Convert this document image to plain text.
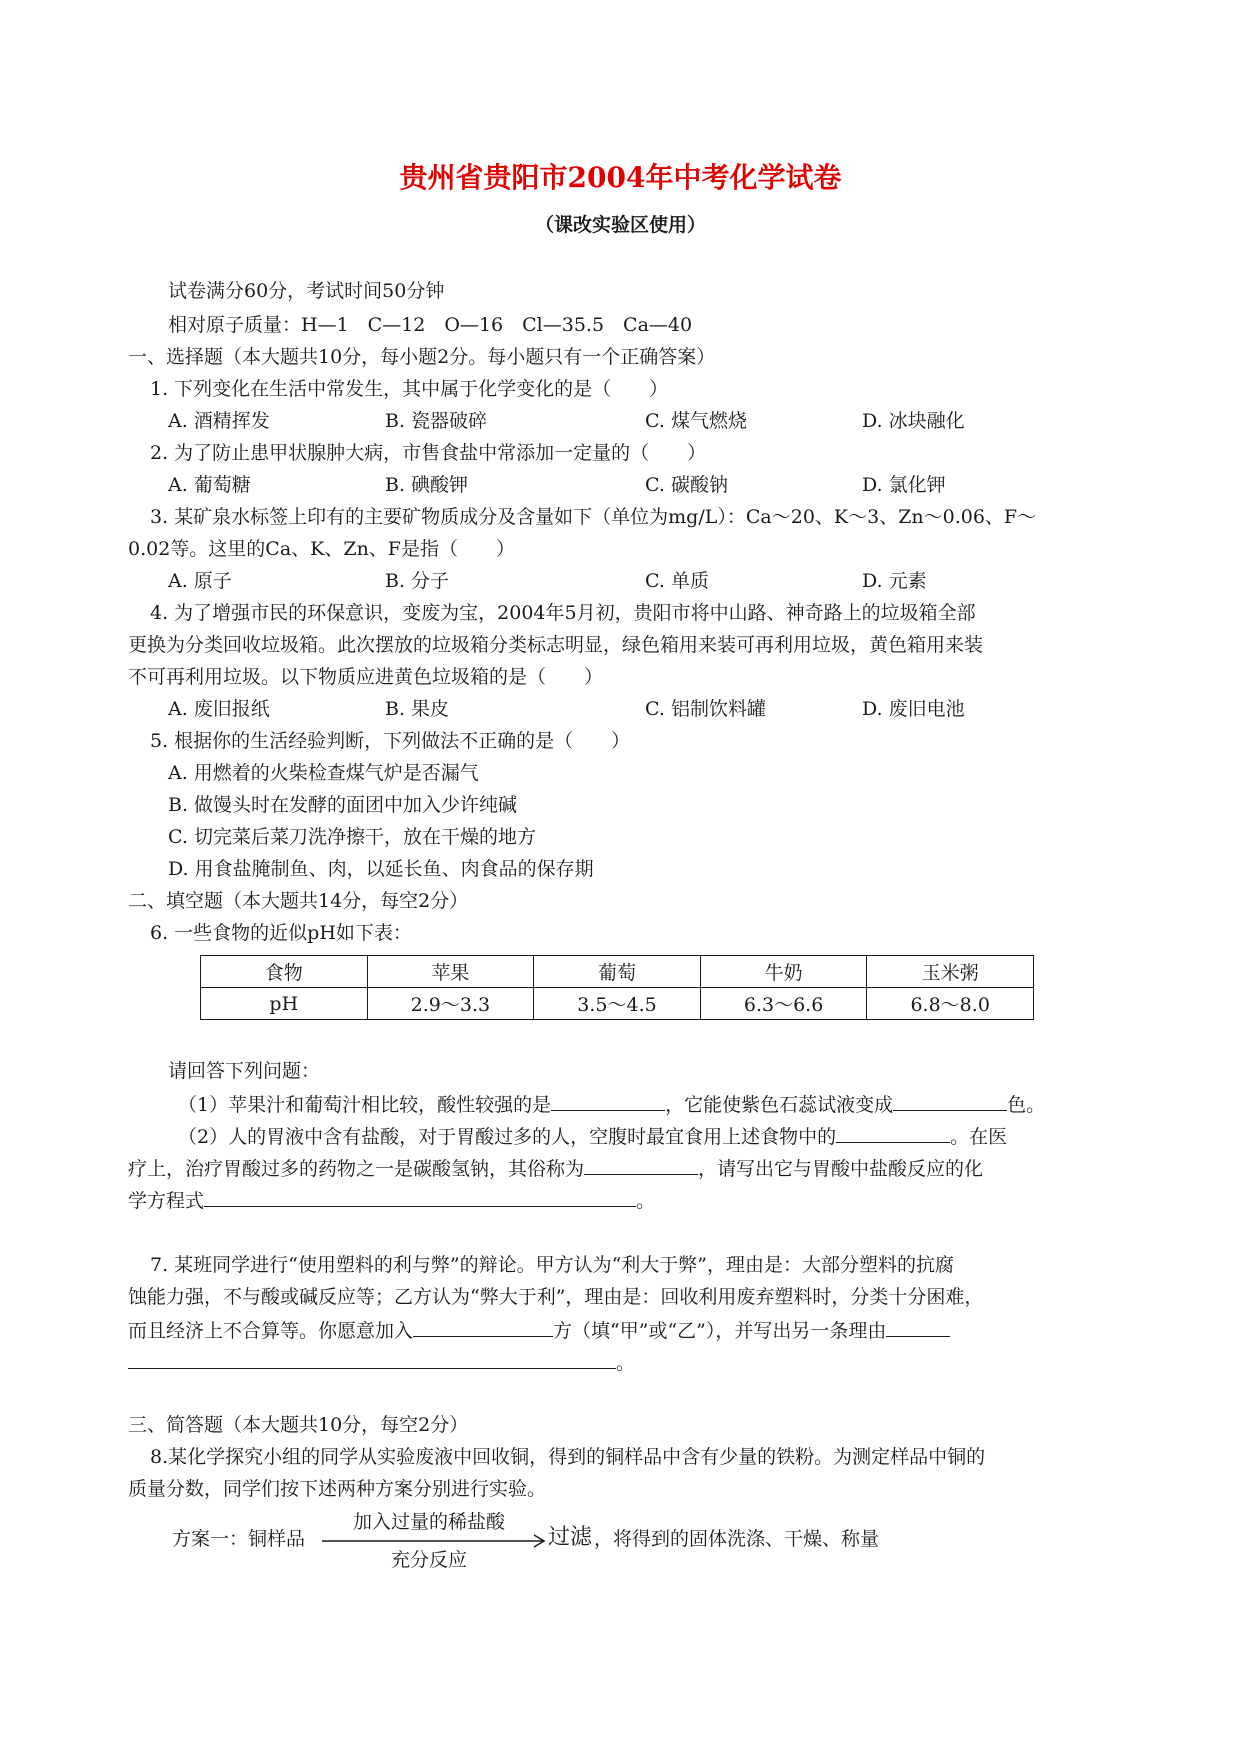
贵州省贵阳市2004年中考化学试卷
（课改实验区使用）
试卷满分60分，考试时间50分钟
相对原子质量：H—1　C—12　O—16　Cl—35.5　Ca—40
一、选择题（本大题共10分，每小题2分。每小题只有一个正确答案）
1. 下列变化在生活中常发生，其中属于化学变化的是（　　）
A. 酒精挥发	B. 瓷器破碎	C. 煤气燃烧	D. 冰块融化
2. 为了防止患甲状腺肿大病，市售食盐中常添加一定量的（　　）
A. 葡萄糖	B. 碘酸钾	C. 碳酸钠	D. 氯化钾
3. 某矿泉水标签上印有的主要矿物质成分及含量如下（单位为mg/L）：Ca～20、K～3、Zn～0.06、F～
0.02等。这里的Ca、K、Zn、F是指（　　）
A. 原子	B. 分子	C. 单质	D. 元素
4. 为了增强市民的环保意识，变废为宝，2004年5月初，贵阳市将中山路、神奇路上的垃圾箱全部
更换为分类回收垃圾箱。此次摆放的垃圾箱分类标志明显，绿色箱用来装可再利用垃圾，黄色箱用来装
不可再利用垃圾。以下物质应进黄色垃圾箱的是（　　）
A. 废旧报纸	B. 果皮	C. 铝制饮料罐	D. 废旧电池
5. 根据你的生活经验判断，下列做法不正确的是（　　）
A. 用燃着的火柴检查煤气炉是否漏气
B. 做馒头时在发酵的面团中加入少许纯碱
C. 切完菜后菜刀洗净擦干，放在干燥的地方
D. 用食盐腌制鱼、肉，以延长鱼、肉食品的保存期
二、填空题（本大题共14分，每空2分）
6. 一些食物的近似pH如下表：
食物	苹果	葡萄	牛奶	玉米粥
pH	2.9～3.3	3.5～4.5	6.3～6.6	6.8～8.0
请回答下列问题：
（1）苹果汁和葡萄汁相比较，酸性较强的是	，它能使紫色石蕊试液变成	色。
（2）人的胃液中含有盐酸，对于胃酸过多的人，空腹时最宜食用上述食物中的	。在医
疗上，治疗胃酸过多的药物之一是碳酸氢钠，其俗称为	，请写出它与胃酸中盐酸反应的化
学方程式	。
7. 某班同学进行“使用塑料的利与弊”的辩论。甲方认为“利大于弊”，理由是：大部分塑料的抗腐
蚀能力强，不与酸或碱反应等；乙方认为“弊大于利”，理由是：回收利用废弃塑料时，分类十分困难，
而且经济上不合算等。你愿意加入	方（填“甲”或“乙”），并写出另一条理由
。
三、简答题（本大题共10分，每空2分）
8.某化学探究小组的同学从实验废液中回收铜，得到的铜样品中含有少量的铁粉。为测定样品中铜的
质量分数，同学们按下述两种方案分别进行实验。
方案一：铜样品
加入过量的稀盐酸
充分反应
过滤 ，将得到的固体洗涤、干燥、称量
